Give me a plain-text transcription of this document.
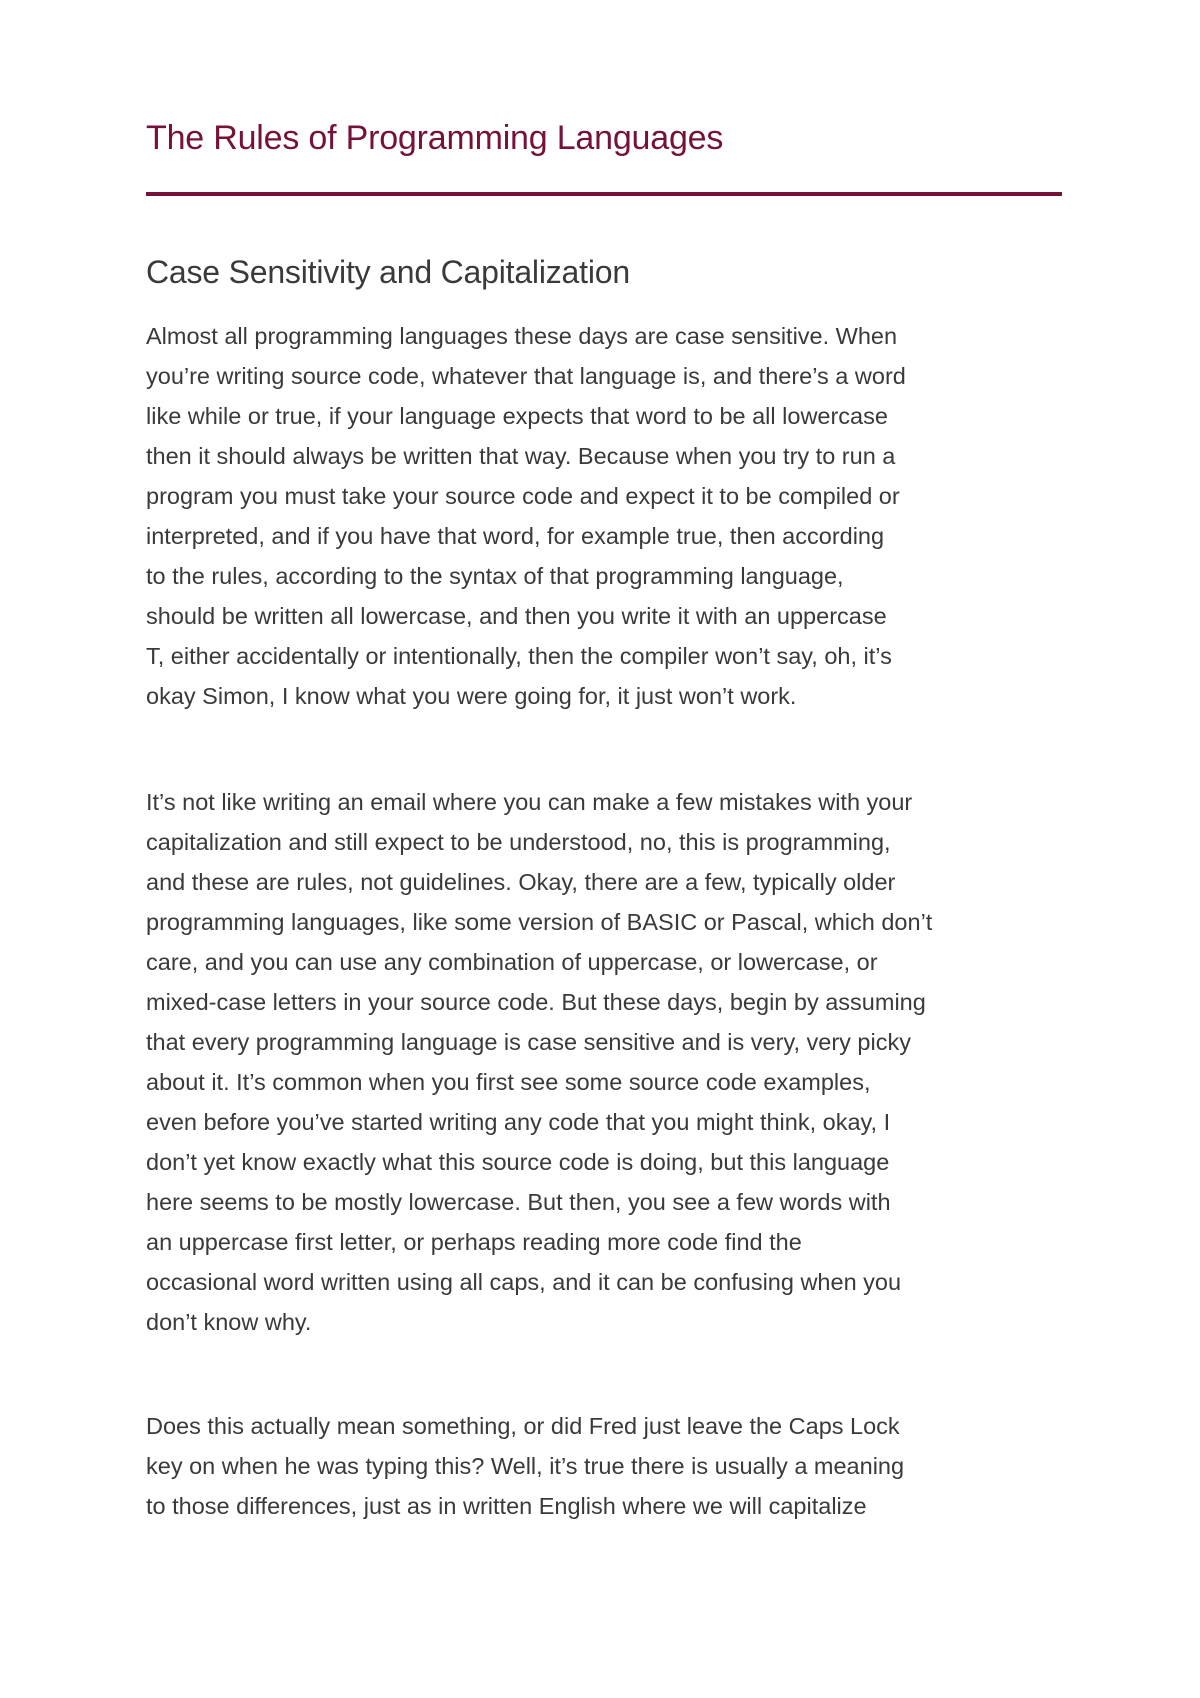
The Rules of Programming Languages
Case Sensitivity and Capitalization
Almost all programming languages these days are case sensitive. When
you’re writing source code, whatever that language is, and there’s a word
like while or true, if your language expects that word to be all lowercase
then it should always be written that way. Because when you try to run a
program you must take your source code and expect it to be compiled or
interpreted, and if you have that word, for example true, then according
to the rules, according to the syntax of that programming language,
should be written all lowercase, and then you write it with an uppercase
T, either accidentally or intentionally, then the compiler won’t say, oh, it’s
okay Simon, I know what you were going for, it just won’t work.
It’s not like writing an email where you can make a few mistakes with your
capitalization and still expect to be understood, no, this is programming,
and these are rules, not guidelines. Okay, there are a few, typically older
programming languages, like some version of BASIC or Pascal, which don’t
care, and you can use any combination of uppercase, or lowercase, or
mixed-case letters in your source code. But these days, begin by assuming
that every programming language is case sensitive and is very, very picky
about it. It’s common when you first see some source code examples,
even before you’ve started writing any code that you might think, okay, I
don’t yet know exactly what this source code is doing, but this language
here seems to be mostly lowercase. But then, you see a few words with
an uppercase first letter, or perhaps reading more code find the
occasional word written using all caps, and it can be confusing when you
don’t know why.
Does this actually mean something, or did Fred just leave the Caps Lock
key on when he was typing this? Well, it’s true there is usually a meaning
to those differences, just as in written English where we will capitalize
